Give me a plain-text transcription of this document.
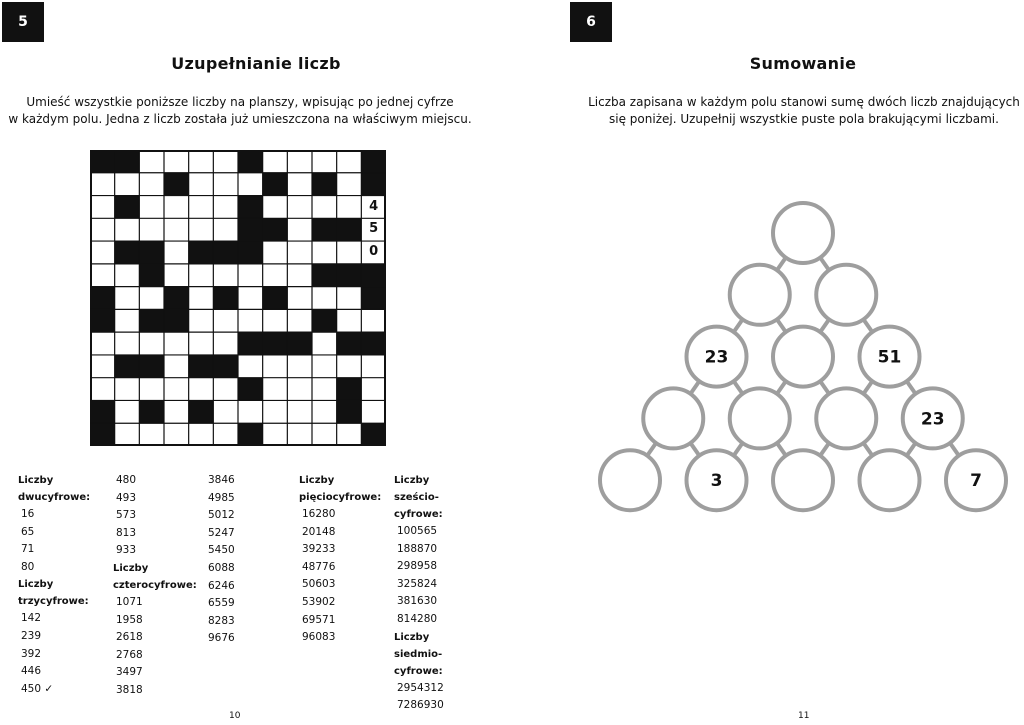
5
Uzupełnianie liczb
Umieść wszystkie poniższe liczby na planszy, wpisując po jednej cyfrze
w każdym polu. Jedna z liczb została już umieszczona na właściwym miejscu.
4
5
0
Liczby
dwucyfrowe:
16
65
71
80
Liczby
trzycyfrowe:
142
239
392
446
450 ✓
480
493
573
813
933
Liczby
czterocyfrowe:
1071
1958
2618
2768
3497
3818
3846
4985
5012
5247
5450
6088
6246
6559
8283
9676
Liczby
pięciocyfrowe:
16280
20148
39233
48776
50603
53902
69571
96083
Liczby
sześcio-
cyfrowe:
100565
188870
298958
325824
381630
814280
Liczby
siedmio-
cyfrowe:
2954312
7286930
10
6
Sumowanie
Liczba zapisana w każdym polu stanowi sumę dwóch liczb znajdujących
się poniżej. Uzupełnij wszystkie puste pola brakującymi liczbami.
23	51
23
3	7
11
